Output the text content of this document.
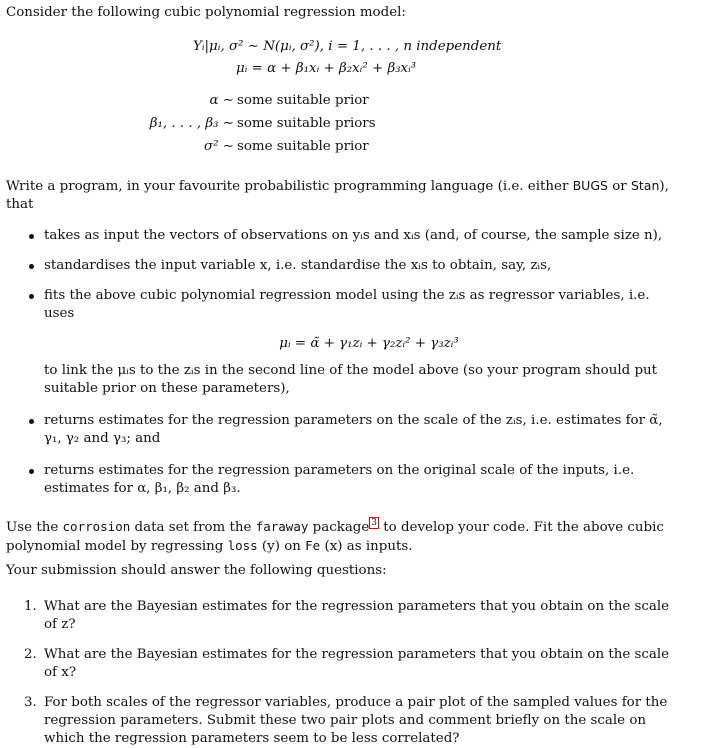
Consider the following cubic polynomial regression model:

Yᵢ|μᵢ, σ² ∼ N(μᵢ, σ²), i = 1, . . . , n independent
μᵢ = α + β₁xᵢ + β₂xᵢ² + β₃xᵢ³
α ∼ some suitable prior
β₁, . . . , β₃ ∼ some suitable priors
σ² ∼ some suitable prior

Write a program, in your favourite probabilistic programming language (i.e. either BUGS or Stan), that

takes as input the vectors of observations on yᵢs and xᵢs (and, of course, the sample size n),
standardises the input variable x, i.e. standardise the xᵢs to obtain, say, zᵢs,
fits the above cubic polynomial regression model using the zᵢs as regressor variables, i.e. uses
μᵢ = α̃ + γ₁zᵢ + γ₂zᵢ² + γ₃zᵢ³

to link the μᵢs to the zᵢs in the second line of the model above (so your program should put suitable prior on these parameters),

returns estimates for the regression parameters on the scale of the zᵢs, i.e. estimates for α̃, γ₁, γ₂ and γ₃; and
returns estimates for the regression parameters on the original scale of the inputs, i.e. estimates for α, β₁, β₂ and β₃.

Use the corrosion data set from the faraway package 3 to develop your code. Fit the above cubic polynomial model by regressing loss (y) on Fe (x) as inputs.

Your submission should answer the following questions:

1. What are the Bayesian estimates for the regression parameters that you obtain on the scale of z?
2. What are the Bayesian estimates for the regression parameters that you obtain on the scale of x?
3. For both scales of the regressor variables, produce a pair plot of the sampled values for the regression parameters. Submit these two pair plots and comment briefly on the scale on which the regression parameters seem to be less correlated?
